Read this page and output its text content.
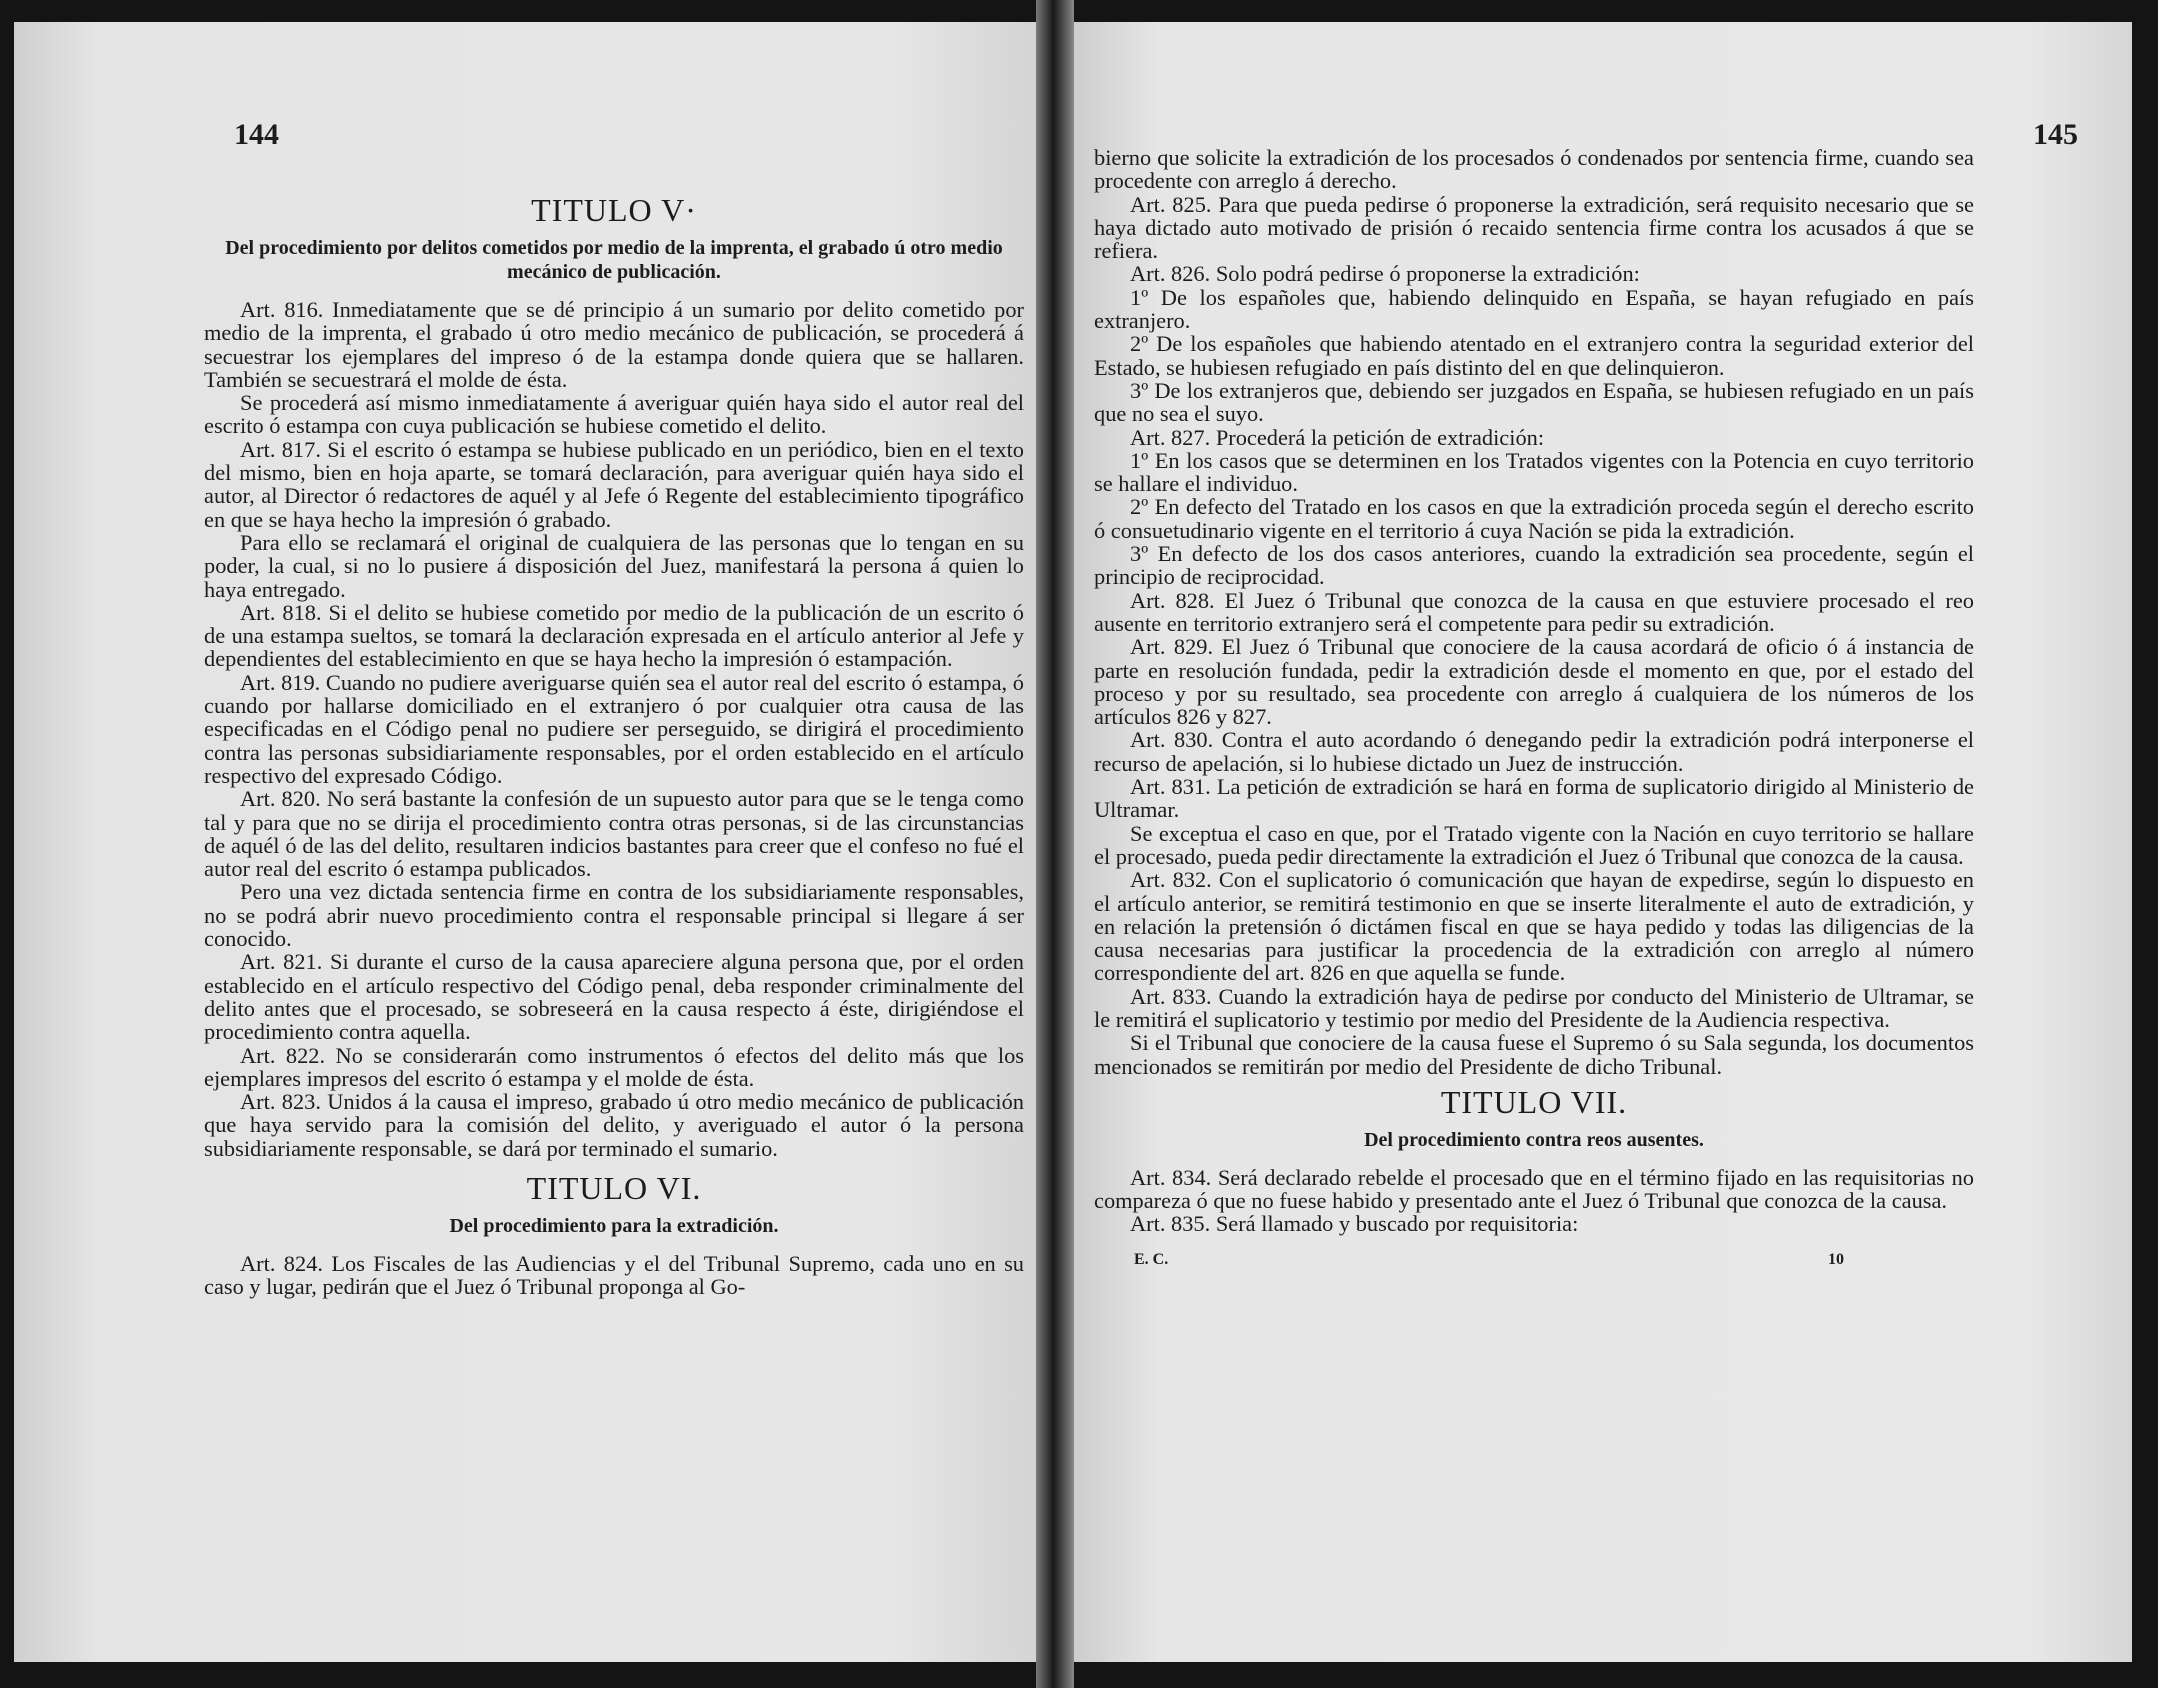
144
TITULO V·
Del procedimiento por delitos cometidos por medio de la imprenta, el grabado ú otro medio mecánico de publicación.

Art. 816. Inmediatamente que se dé principio á un sumario por delito cometido por medio de la imprenta, el grabado ú otro medio mecánico de publicación, se procederá á secuestrar los ejemplares del impreso ó de la estampa donde quiera que se hallaren. También se secuestrará el molde de ésta.

Se procederá así mismo inmediatamente á averiguar quién haya sido el autor real del escrito ó estampa con cuya publicación se hubiese cometido el delito.

Art. 817. Si el escrito ó estampa se hubiese publicado en un periódico, bien en el texto del mismo, bien en hoja aparte, se tomará declaración, para averiguar quién haya sido el autor, al Director ó redactores de aquél y al Jefe ó Regente del establecimiento tipográfico en que se haya hecho la impresión ó grabado.

Para ello se reclamará el original de cualquiera de las personas que lo tengan en su poder, la cual, si no lo pusiere á disposición del Juez, manifestará la persona á quien lo haya entregado.

Art. 818. Si el delito se hubiese cometido por medio de la publicación de un escrito ó de una estampa sueltos, se tomará la declaración expresada en el artículo anterior al Jefe y dependientes del establecimiento en que se haya hecho la impresión ó estampación.

Art. 819. Cuando no pudiere averiguarse quién sea el autor real del escrito ó estampa, ó cuando por hallarse domiciliado en el extranjero ó por cualquier otra causa de las especificadas en el Código penal no pudiere ser perseguido, se dirigirá el procedimiento contra las personas subsidiariamente responsables, por el orden establecido en el artículo respectivo del expresado Código.

Art. 820. No será bastante la confesión de un supuesto autor para que se le tenga como tal y para que no se dirija el procedimiento contra otras personas, si de las circunstancias de aquél ó de las del delito, resultaren indicios bastantes para creer que el confeso no fué el autor real del escrito ó estampa publicados.

Pero una vez dictada sentencia firme en contra de los subsidiariamente responsables, no se podrá abrir nuevo procedimiento contra el responsable principal si llegare á ser conocido.

Art. 821. Si durante el curso de la causa apareciere alguna persona que, por el orden establecido en el artículo respectivo del Código penal, deba responder criminalmente del delito antes que el procesado, se sobreseerá en la causa respecto á éste, dirigiéndose el procedimiento contra aquella.

Art. 822. No se considerarán como instrumentos ó efectos del delito más que los ejemplares impresos del escrito ó estampa y el molde de ésta.

Art. 823. Unidos á la causa el impreso, grabado ú otro medio mecánico de publicación que haya servido para la comisión del delito, y averiguado el autor ó la persona subsidiariamente responsable, se dará por terminado el sumario.

TITULO VI.
Del procedimiento para la extradición.

Art. 824. Los Fiscales de las Audiencias y el del Tribunal Supremo, cada uno en su caso y lugar, pedirán que el Juez ó Tribunal proponga al Go-

145

bierno que solicite la extradición de los procesados ó condenados por sentencia firme, cuando sea procedente con arreglo á derecho.

Art. 825. Para que pueda pedirse ó proponerse la extradición, será requisito necesario que se haya dictado auto motivado de prisión ó recaido sentencia firme contra los acusados á que se refiera.

Art. 826. Solo podrá pedirse ó proponerse la extradición:

1º De los españoles que, habiendo delinquido en España, se hayan refugiado en país extranjero.

2º De los españoles que habiendo atentado en el extranjero contra la seguridad exterior del Estado, se hubiesen refugiado en país distinto del en que delinquieron.

3º De los extranjeros que, debiendo ser juzgados en España, se hubiesen refugiado en un país que no sea el suyo.

Art. 827. Procederá la petición de extradición:

1º En los casos que se determinen en los Tratados vigentes con la Potencia en cuyo territorio se hallare el individuo.

2º En defecto del Tratado en los casos en que la extradición proceda según el derecho escrito ó consuetudinario vigente en el territorio á cuya Nación se pida la extradición.

3º En defecto de los dos casos anteriores, cuando la extradición sea procedente, según el principio de reciprocidad.

Art. 828. El Juez ó Tribunal que conozca de la causa en que estuviere procesado el reo ausente en territorio extranjero será el competente para pedir su extradición.

Art. 829. El Juez ó Tribunal que conociere de la causa acordará de oficio ó á instancia de parte en resolución fundada, pedir la extradición desde el momento en que, por el estado del proceso y por su resultado, sea procedente con arreglo á cualquiera de los números de los artículos 826 y 827.

Art. 830. Contra el auto acordando ó denegando pedir la extradición podrá interponerse el recurso de apelación, si lo hubiese dictado un Juez de instrucción.

Art. 831. La petición de extradición se hará en forma de suplicatorio dirigido al Ministerio de Ultramar.

Se exceptua el caso en que, por el Tratado vigente con la Nación en cuyo territorio se hallare el procesado, pueda pedir directamente la extradición el Juez ó Tribunal que conozca de la causa.

Art. 832. Con el suplicatorio ó comunicación que hayan de expedirse, según lo dispuesto en el artículo anterior, se remitirá testimonio en que se inserte literalmente el auto de extradición, y en relación la pretensión ó dictámen fiscal en que se haya pedido y todas las diligencias de la causa necesarias para justificar la procedencia de la extradición con arreglo al número correspondiente del art. 826 en que aquella se funde.

Art. 833. Cuando la extradición haya de pedirse por conducto del Ministerio de Ultramar, se le remitirá el suplicatorio y testimio por medio del Presidente de la Audiencia respectiva.

Si el Tribunal que conociere de la causa fuese el Supremo ó su Sala segunda, los documentos mencionados se remitirán por medio del Presidente de dicho Tribunal.

TITULO VII.
Del procedimiento contra reos ausentes.

Art. 834. Será declarado rebelde el procesado que en el término fijado en las requisitorias no compareza ó que no fuese habido y presentado ante el Juez ó Tribunal que conozca de la causa.

Art. 835. Será llamado y buscado por requisitoria:

E. C.	10
